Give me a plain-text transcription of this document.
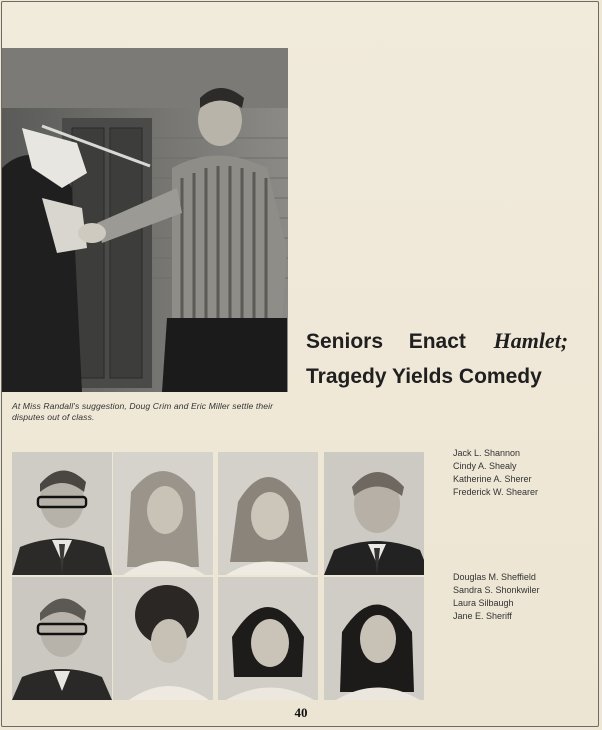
At Miss Randall's suggestion, Doug Crim and Eric Miller settle their disputes out of class.
Seniors Enact Hamlet;
Tragedy Yields Comedy
Jack L. Shannon
Cindy A. Shealy
Katherine A. Sherer
Frederick W. Shearer
Douglas M. Sheffield
Sandra S. Shonkwiler
Laura Silbaugh
Jane E. Sheriff
40
